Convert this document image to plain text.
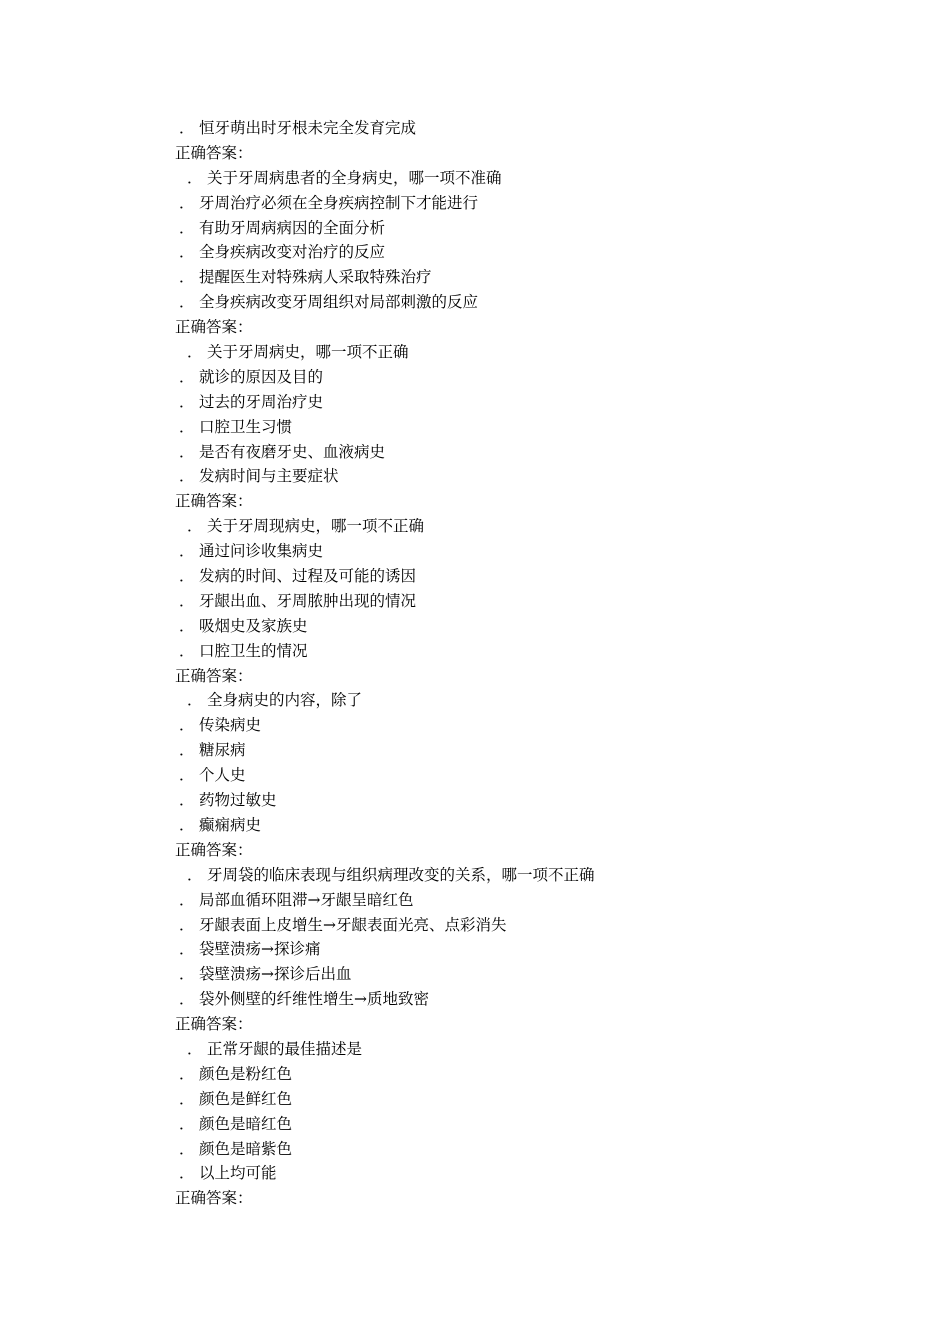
． 恒牙萌出时牙根未完全发育完成
正确答案：
． 关于牙周病患者的全身病史，哪一项不准确
． 牙周治疗必须在全身疾病控制下才能进行
． 有助牙周病病因的全面分析
． 全身疾病改变对治疗的反应
． 提醒医生对特殊病人采取特殊治疗
． 全身疾病改变牙周组织对局部刺激的反应
正确答案：
． 关于牙周病史，哪一项不正确
． 就诊的原因及目的
． 过去的牙周治疗史
． 口腔卫生习惯
． 是否有夜磨牙史、血液病史
． 发病时间与主要症状
正确答案：
． 关于牙周现病史，哪一项不正确
． 通过问诊收集病史
． 发病的时间、过程及可能的诱因
． 牙龈出血、牙周脓肿出现的情况
． 吸烟史及家族史
． 口腔卫生的情况
正确答案：
． 全身病史的内容，除了
． 传染病史
． 糖尿病
． 个人史
． 药物过敏史
． 癫痫病史
正确答案：
． 牙周袋的临床表现与组织病理改变的关系，哪一项不正确
． 局部血循环阻滞→牙龈呈暗红色
． 牙龈表面上皮增生→牙龈表面光亮、点彩消失
． 袋壁溃疡→探诊痛
． 袋壁溃疡→探诊后出血
． 袋外侧壁的纤维性增生→质地致密
正确答案：
． 正常牙龈的最佳描述是
． 颜色是粉红色
． 颜色是鲜红色
． 颜色是暗红色
． 颜色是暗紫色
． 以上均可能
正确答案：
